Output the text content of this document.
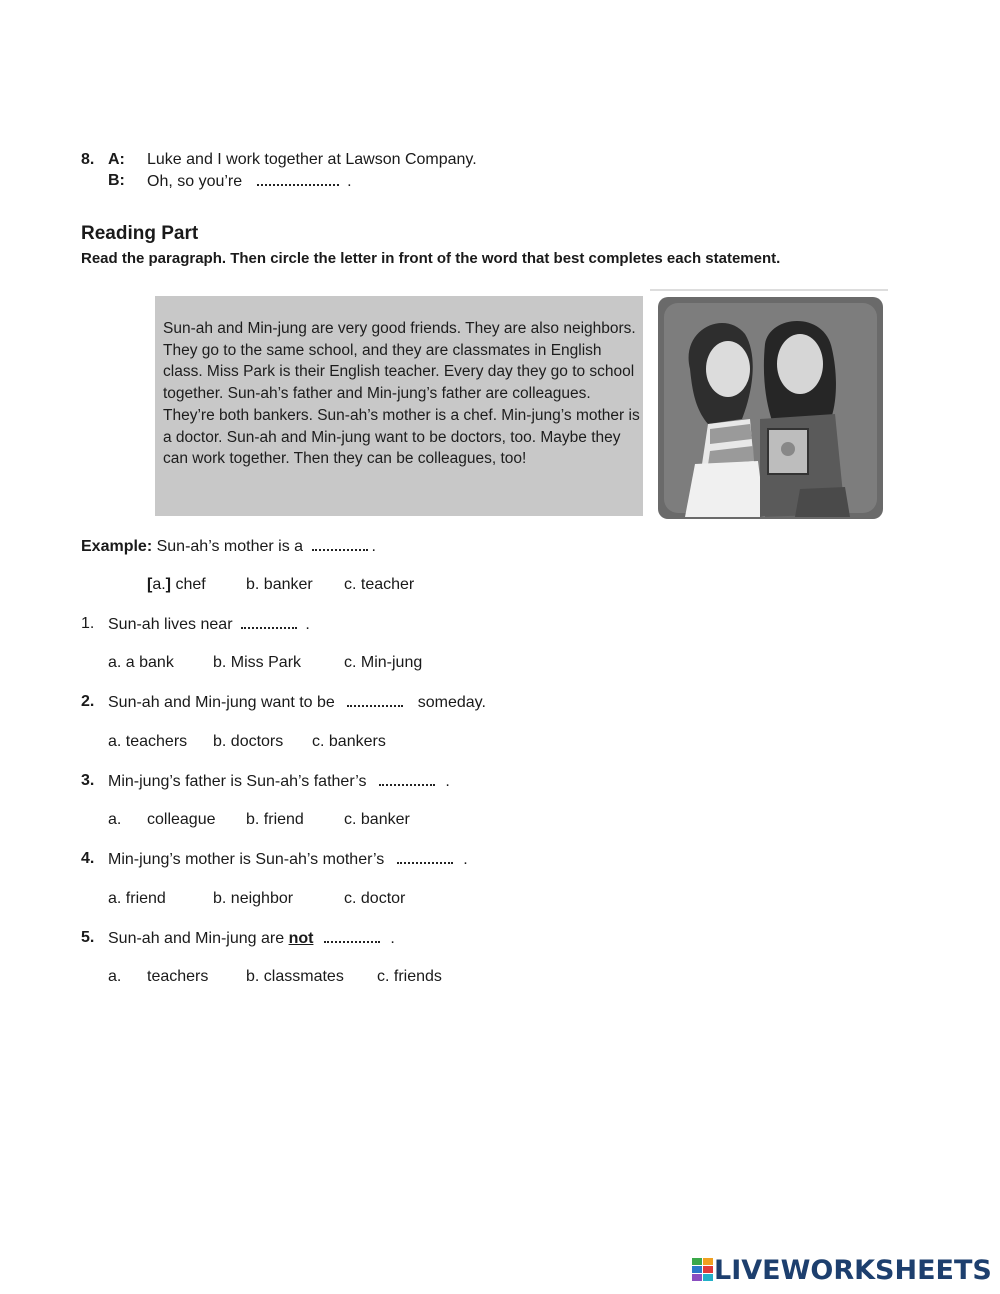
8. A: Luke and I work together at Lawson Company.
B: Oh, so you’re	.
Reading Part
Read the paragraph. Then circle the letter in front of the word that best completes each statement.

Sun-ah and Min-jung are very good friends. They are also neighbors. They go to the same school, and they are classmates in English class. Miss Park is their English teacher. Every day they go to school together. Sun-ah’s father and Min-jung’s father are colleagues. They’re both bankers. Sun-ah’s mother is a chef. Min-jung’s mother is a doctor. Sun-ah and Min-jung want to be doctors, too. Maybe they can work together. Then they can be colleagues, too!

Example: Sun-ah’s mother is a	.
[a.] chef	b. banker c. teacher
1. Sun-ah lives near	.
a. a bank b. Miss Park	c. Min-jung
2. Sun-ah and Min-jung want to be	someday.
a. teachers b. doctors c. bankers
3. Min-jung’s father is Sun-ah’s father’s	.
a. colleague b. friend	c. banker
4. Min-jung’s mother is Sun-ah’s mother’s	.
a. friend	b. neighbor	c. doctor
5. Sun-ah and Min-jung are not	.
a. teachers b. classmates c. friends
LIVEWORKSHEETS
